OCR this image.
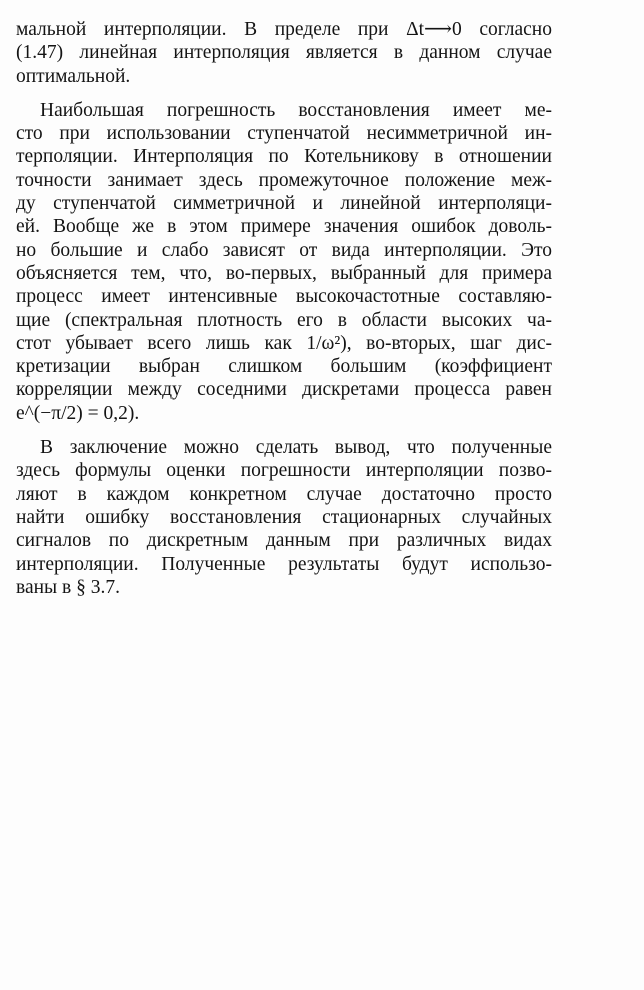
мальной интерполяции. В пределе при Δt⟶0 согласно
(1.47) линейная интерполяция является в данном случае
оптимальной.
Наибольшая погрешность восстановления имеет ме-
сто при использовании ступенчатой несимметричной ин-
терполяции. Интерполяция по Котельникову в отношении
точности занимает здесь промежуточное положение меж-
ду ступенчатой симметричной и линейной интерполяци-
ей. Вообще же в этом примере значения ошибок доволь-
но большие и слабо зависят от вида интерполяции. Это
объясняется тем, что, во-первых, выбранный для примера
процесс имеет интенсивные высокочастотные составляю-
щие (спектральная плотность его в области высоких ча-
стот убывает всего лишь как 1/ω²), во-вторых, шаг дис-
кретизации выбран слишком большим (коэффициент
корреляции между соседними дискретами процесса равен
e^(−π/2) = 0,2).
В заключение можно сделать вывод, что полученные
здесь формулы оценки погрешности интерполяции позво-
ляют в каждом конкретном случае достаточно просто
найти ошибку восстановления стационарных случайных
сигналов по дискретным данным при различных видах
интерполяции. Полученные результаты будут использо-
ваны в § 3.7.
